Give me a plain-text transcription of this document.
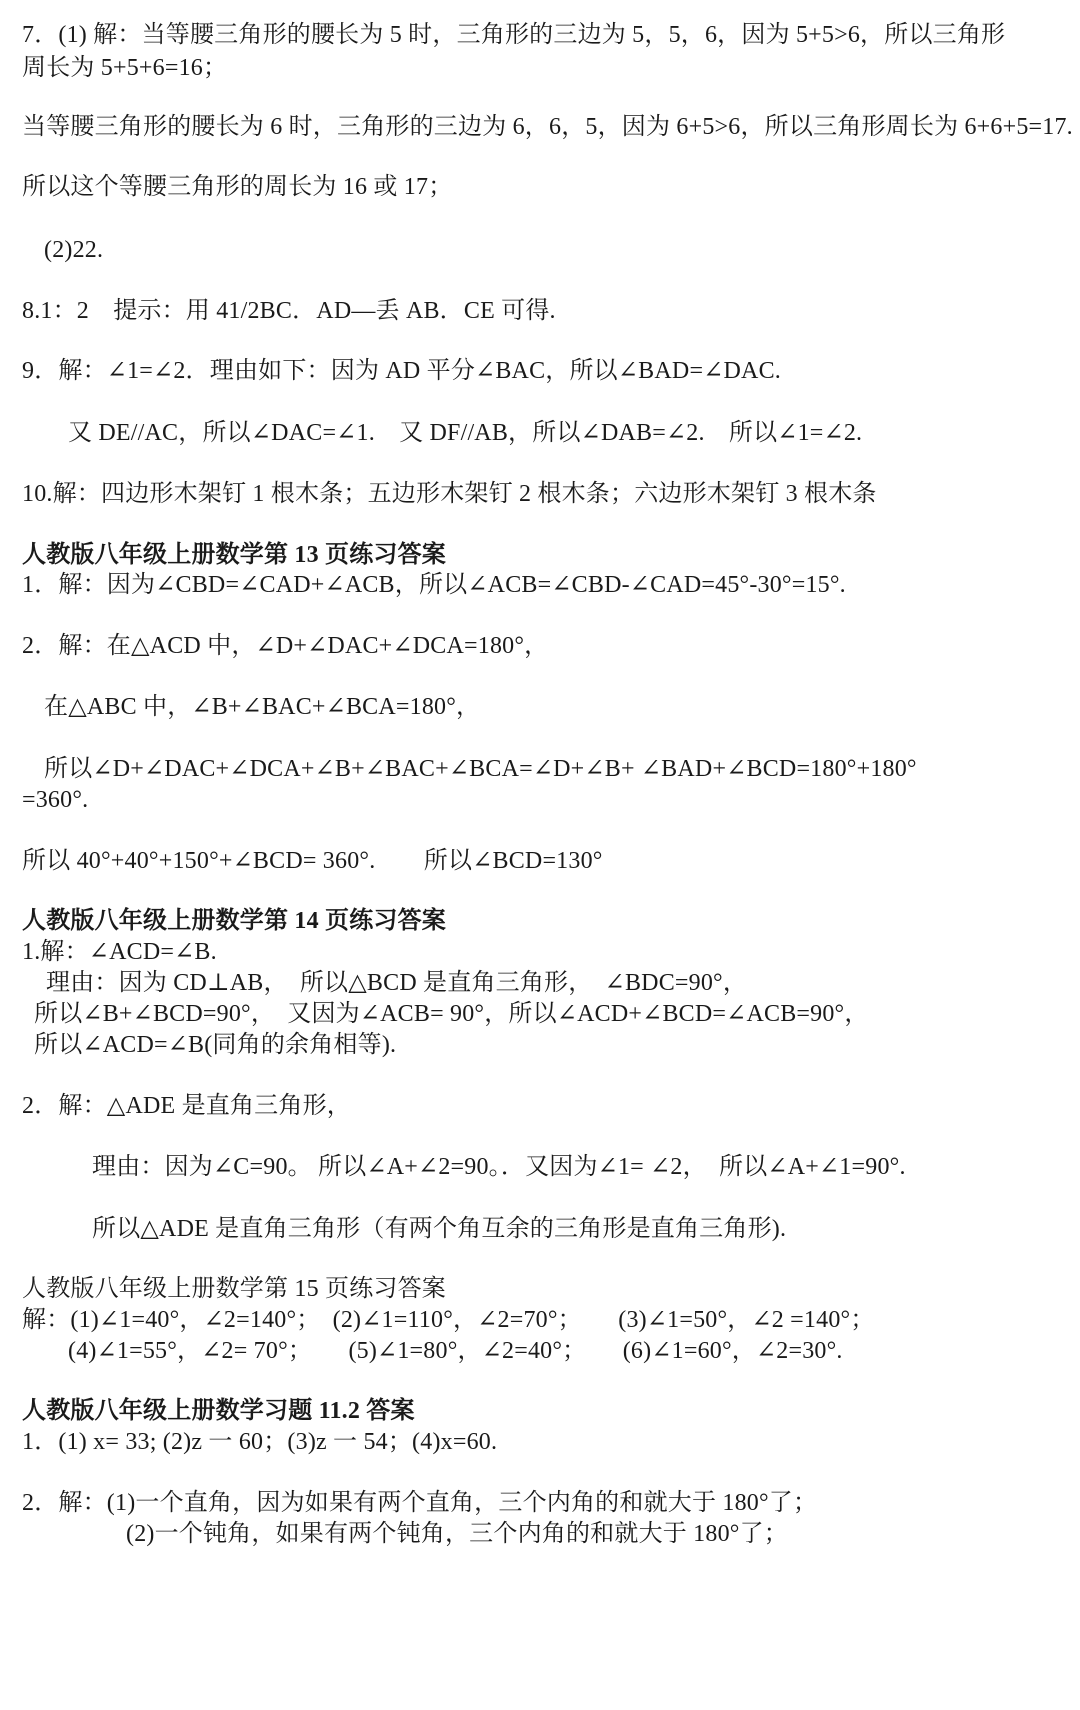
7．(1) 解：当等腰三角形的腰长为 5 时，三角形的三边为 5，5，6，因为 5+5>6，所以三角形
周长为 5+5+6=16；
当等腰三角形的腰长为 6 时，三角形的三边为 6，6，5，因为 6+5>6，所以三角形周长为 6+6+5=17.
所以这个等腰三角形的周长为 16 或 17；
(2)22.
8.1：2　提示：用 41/2BC．AD—丢 AB．CE 可得.
9．解：∠1=∠2．理由如下：因为 AD 平分∠BAC，所以∠BAD=∠DAC.
又 DE//AC，所以∠DAC=∠1.　又 DF//AB，所以∠DAB=∠2.　所以∠1=∠2.
10.解：四边形木架钉 1 根木条；五边形木架钉 2 根木条；六边形木架钉 3 根木条
人教版八年级上册数学第 13 页练习答案
1．解：因为∠CBD=∠CAD+∠ACB，所以∠ACB=∠CBD-∠CAD=45°-30°=15°.
2．解：在△ACD 中，∠D+∠DAC+∠DCA=180°，
在△ABC 中，∠B+∠BAC+∠BCA=180°，
所以∠D+∠DAC+∠DCA+∠B+∠BAC+∠BCA=∠D+∠B+ ∠BAD+∠BCD=180°+180°
=360°.
所以 40°+40°+150°+∠BCD= 360°.　　所以∠BCD=130°
人教版八年级上册数学第 14 页练习答案
1.解：∠ACD=∠B.
理由：因为 CD⊥AB，　所以△BCD 是直角三角形，　∠BDC=90°，
所以∠B+∠BCD=90°，　又因为∠ACB= 90°，所以∠ACD+∠BCD=∠ACB=90°，
所以∠ACD=∠B(同角的余角相等).
2．解：△ADE 是直角三角形，
理由：因为∠C=90。 所以∠A+∠2=90。．又因为∠1= ∠2，　所以∠A+∠1=90°.
所以△ADE 是直角三角形（有两个角互余的三角形是直角三角形).
人教版八年级上册数学第 15 页练习答案
解：(1)∠1=40°，∠2=140°；　(2)∠1=110°，∠2=70°；　　(3)∠1=50°，∠2 =140°；
(4)∠1=55°，∠2= 70°；　　(5)∠1=80°，∠2=40°；　　(6)∠1=60°，∠2=30°.
人教版八年级上册数学习题 11.2 答案
1．(1) x= 33; (2)z 一 60；(3)z 一 54；(4)x=60.
2．解：(1)一个直角，因为如果有两个直角，三个内角的和就大于 180°了；
(2)一个钝角，如果有两个钝角，三个内角的和就大于 180°了；
